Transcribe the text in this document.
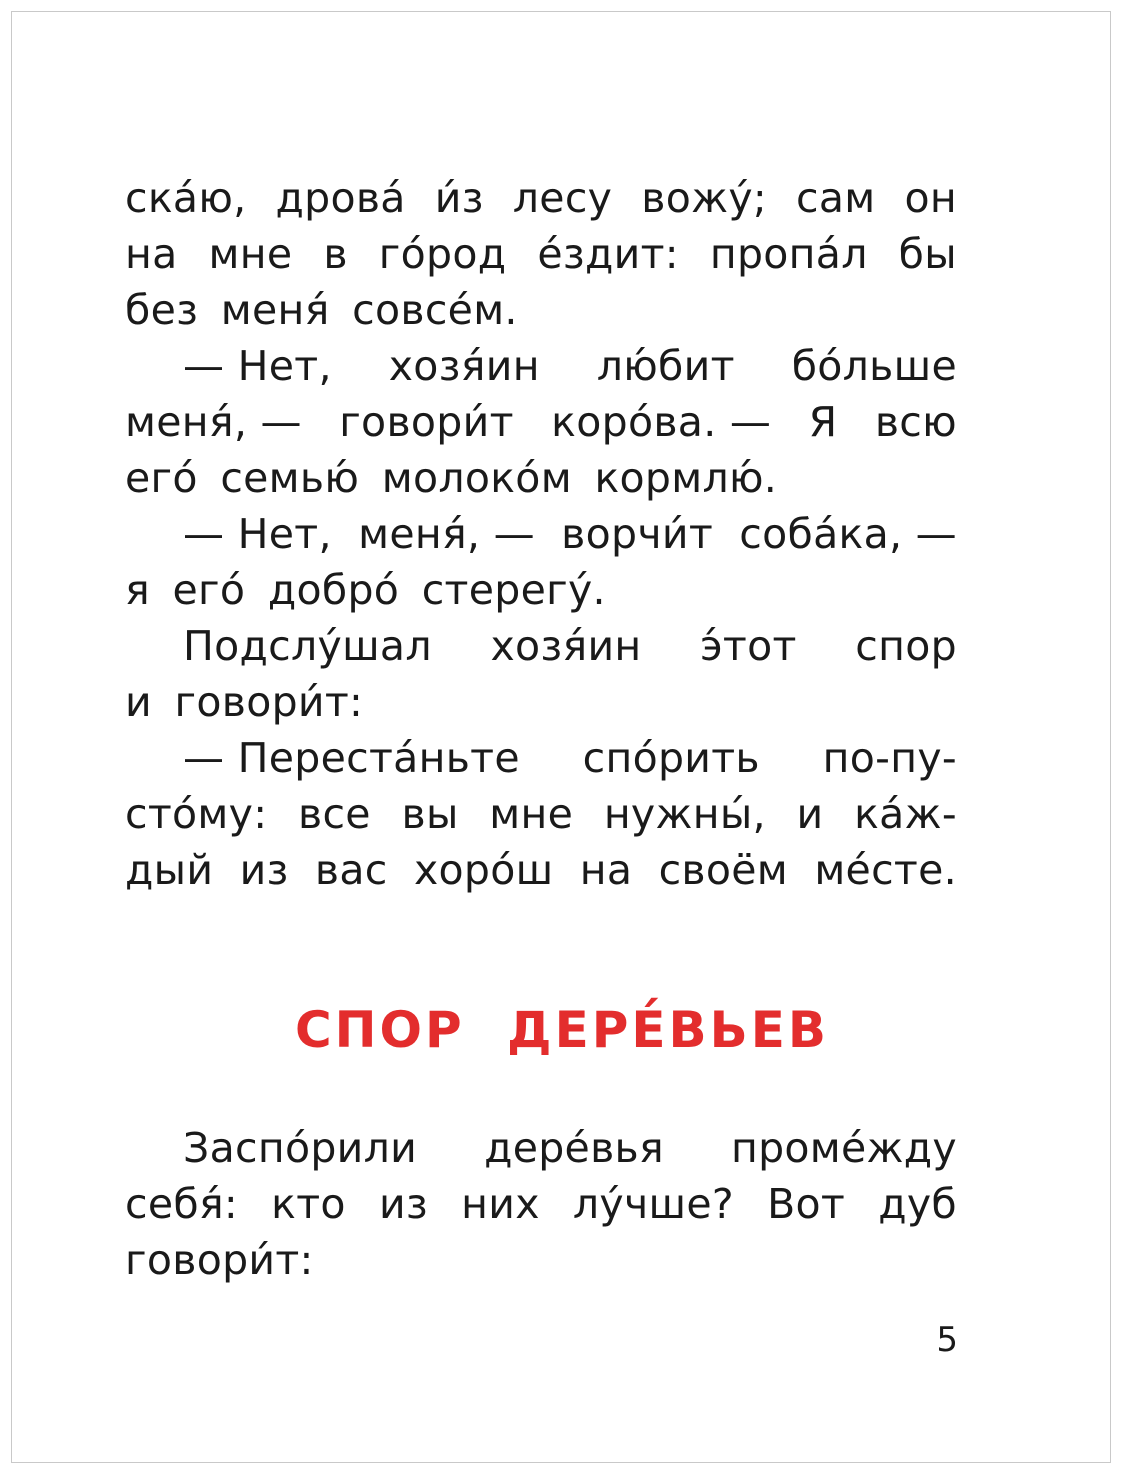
ска́ю, дрова́ и́з лесу вожу́; сам он
на мне в го́род е́здит: пропа́л бы
без меня́ совсе́м.
— Нет, хозя́ин лю́бит бо́льше
меня́, — говори́т коро́ва. — Я всю
его́ семью́ молоко́м кормлю́.
— Нет, меня́, — ворчи́т соба́ка, —
я его́ добро́ стерегу́.
Подслу́шал хозя́ин э́тот спор
и говори́т:
— Переста́ньте спо́рить по-пу-
сто́му: все вы мне нужны́, и ка́ж-
дый из вас хоро́ш на своём ме́сте.
СПОР ДЕРЕ́ВЬЕВ
Заспо́рили дере́вья проме́жду
себя́: кто из них лу́чше? Вот дуб
говори́т:
5
